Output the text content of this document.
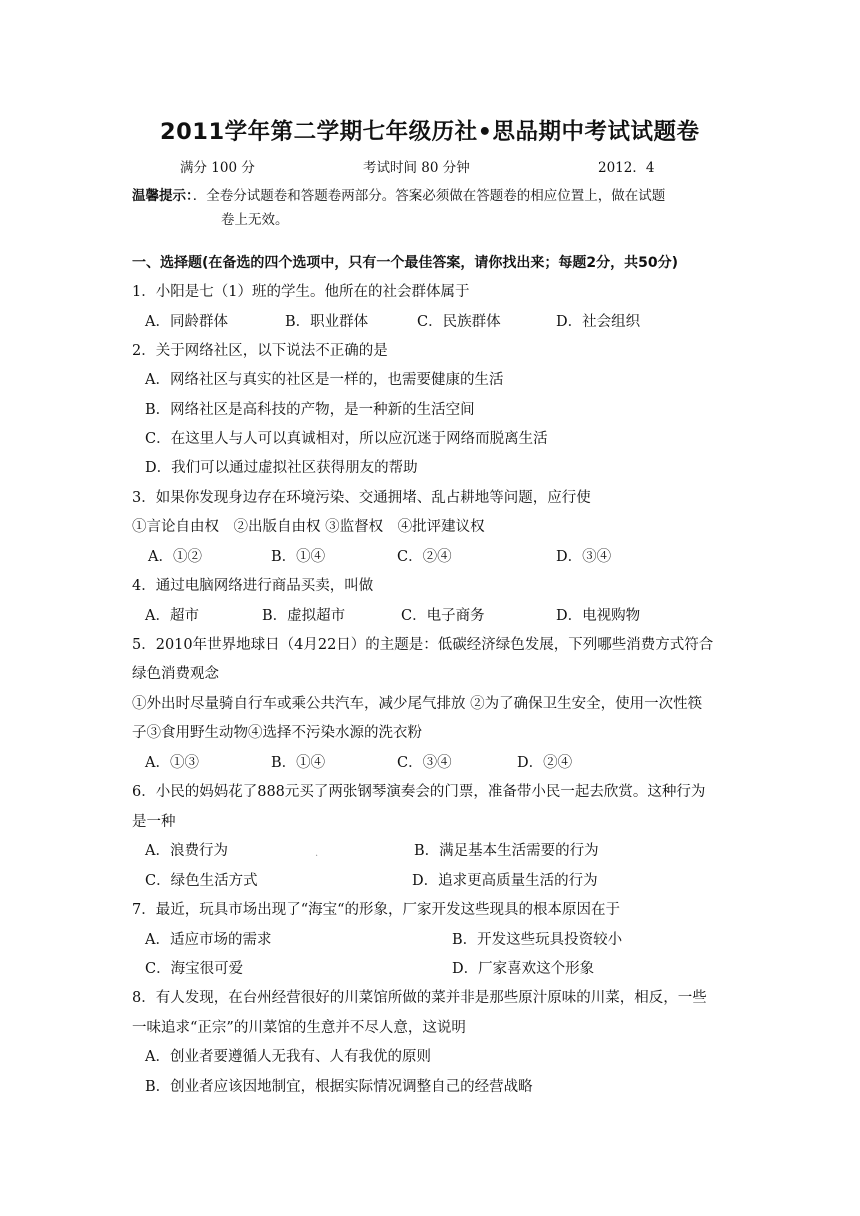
2011学年第二学期七年级历社•思品期中考试试题卷
满分 100 分	考试时间 80 分钟	2012．4
温馨提示：．全卷分试题卷和答题卷两部分。答案必须做在答题卷的相应位置上，做在试题
卷上无效。
一、选择题(在备选的四个选项中，只有一个最佳答案，请你找出来；每题2分，共50分)
1．小阳是七（1）班的学生。他所在的社会群体属于
A．同龄群体	B．职业群体	C．民族群体	D．社会组织
2．关于网络社区，以下说法不正确的是
A．网络社区与真实的社区是一样的，也需要健康的生活
B．网络社区是高科技的产物，是一种新的生活空间
C．在这里人与人可以真诚相对，所以应沉迷于网络而脱离生活
D．我们可以通过虚拟社区获得朋友的帮助
3．如果你发现身边存在环境污染、交通拥堵、乱占耕地等问题，应行使
①言论自由权　②出版自由权 ③监督权　④批评建议权
A．①②	B．①④	C．②④	D．③④
4．通过电脑网络进行商品买卖，叫做
A．超市	B．虚拟超市	C．电子商务	D．电视购物
5．2010年世界地球日（4月22日）的主题是：低碳经济绿色发展，下列哪些消费方式符合
绿色消费观念
①外出时尽量骑自行车或乘公共汽车，减少尾气排放 ②为了确保卫生安全，使用一次性筷
子③食用野生动物④选择不污染水源的洗衣粉
A．①③	B．①④	C．③④	D．②④
6．小民的妈妈花了888元买了两张钢琴演奏会的门票，准备带小民一起去欣赏。这种行为
是一种
A．浪费行为	.	B．满足基本生活需要的行为
C．绿色生活方式	D．追求更高质量生活的行为
7．最近，玩具市场出现了“海宝“的形象，厂家开发这些现具的根本原因在于
A．适应市场的需求	B．开发这些玩具投资较小
C．海宝很可爱	D．厂家喜欢这个形象
8．有人发现，在台州经营很好的川菜馆所做的菜并非是那些原汁原味的川菜，相反，一些
一味追求“正宗”的川菜馆的生意并不尽人意，这说明
A．创业者要遵循人无我有、人有我优的原则
B．创业者应该因地制宜，根据实际情况调整自己的经营战略
